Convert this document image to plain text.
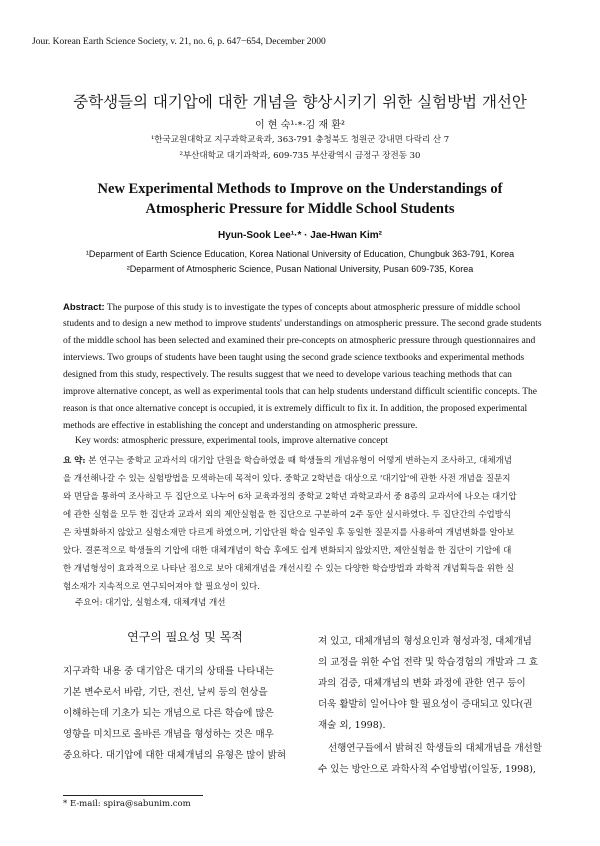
Jour. Korean Earth Science Society, v. 21, no. 6, p. 647−654, December 2000
중학생들의 대기압에 대한 개념을 향상시키기 위한 실험방법 개선안
이 현 숙¹·*·김 재 환²
¹한국교원대학교 지구과학교육과, 363-791 충청북도 청원군 강내면 다락리 산 7
²부산대학교 대기과학과, 609-735 부산광역시 금정구 장전동 30
New Experimental Methods to Improve on the Understandings of
Atmospheric Pressure for Middle School Students
Hyun-Sook Lee¹·* · Jae-Hwan Kim²
¹Deparment of Earth Science Education, Korea National University of Education, Chungbuk 363-791, Korea
²Deparment of Atmospheric Science, Pusan National University, Pusan 609-735, Korea
Abstract: The purpose of this study is to investigate the types of concepts about atmospheric pressure of middle school
students and to design a new method to improve students' understandings on atmospheric pressure. The second grade students
of the middle school has been selected and examined their pre-concepts on atmospheric pressure through questionnaires and
interviews. Two groups of students have been taught using the second grade science textbooks and experimental methods
designed from this study, respectively. The results suggest that we need to develope various teaching methods that can
improve alternative concept, as well as experimental tools that can help students understand difficult scientific concepts. The
reason is that once alternative concept is occupied, it is extremely difficult to fix it. In addition, the proposed experimental
methods are effective in establishing the concept and understanding on atmospheric pressure.
Key words: atmospheric pressure, experimental tools, improve alternative concept
요 약: 본 연구는 중학교 교과서의 대기압 단원을 학습하였을 때 학생들의 개념유형이 어떻게 변하는지 조사하고, 대체개념
을 개선해나갈 수 있는 실험방법을 모색하는데 목적이 있다. 중학교 2학년을 대상으로 '대기압'에 관한 사전 개념을 질문지
와 면담을 통하여 조사하고 두 집단으로 나누어 6차 교육과정의 중학교 2학년 과학교과서 중 8종의 교과서에 나오는 대기압
에 관한 실험을 모두 한 집단과 교과서 외의 제안실험을 한 집단으로 구분하여 2주 동안 실시하였다. 두 집단간의 수업방식
은 차별화하지 않았고 실험소재만 다르게 하였으며, 기압단원 학습 일주일 후 동일한 질문지를 사용하여 개념변화를 알아보
았다. 결론적으로 학생들의 기압에 대한 대체개념이 학습 후에도 쉽게 변화되지 않았지만, 제안실험을 한 집단이 기압에 대
한 개념형성이 효과적으로 나타난 점으로 보아 대체개념을 개선시킬 수 있는 다양한 학습방법과 과학적 개념획득을 위한 실
험소재가 지속적으로 연구되어져야 할 필요성이 있다.
주요어: 대기압, 실험소재, 대체개념 개선
연구의 필요성 및 목적
지구과학 내용 중 대기압은 대기의 상태를 나타내는
기본 변수로서 바람, 기단, 전선, 날씨 등의 현상을
이해하는데 기초가 되는 개념으로 다른 학습에 많은
영향을 미치므로 올바른 개념을 형성하는 것은 매우
중요하다. 대기압에 대한 대체개념의 유형은 많이 밝혀
져 있고, 대체개념의 형성요인과 형성과정, 대체개념
의 교정을 위한 수업 전략 및 학습경험의 개발과 그 효
과의 검증, 대체개념의 변화 과정에 관한 연구 등이
더욱 활발히 일어나야 할 필요성이 증대되고 있다(권
재술 외, 1998).
선행연구들에서 밝혀진 학생들의 대체개념을 개선할
수 있는 방안으로 과학사적 수업방법(이일동, 1998),
* E-mail: spira@sabunim.com
